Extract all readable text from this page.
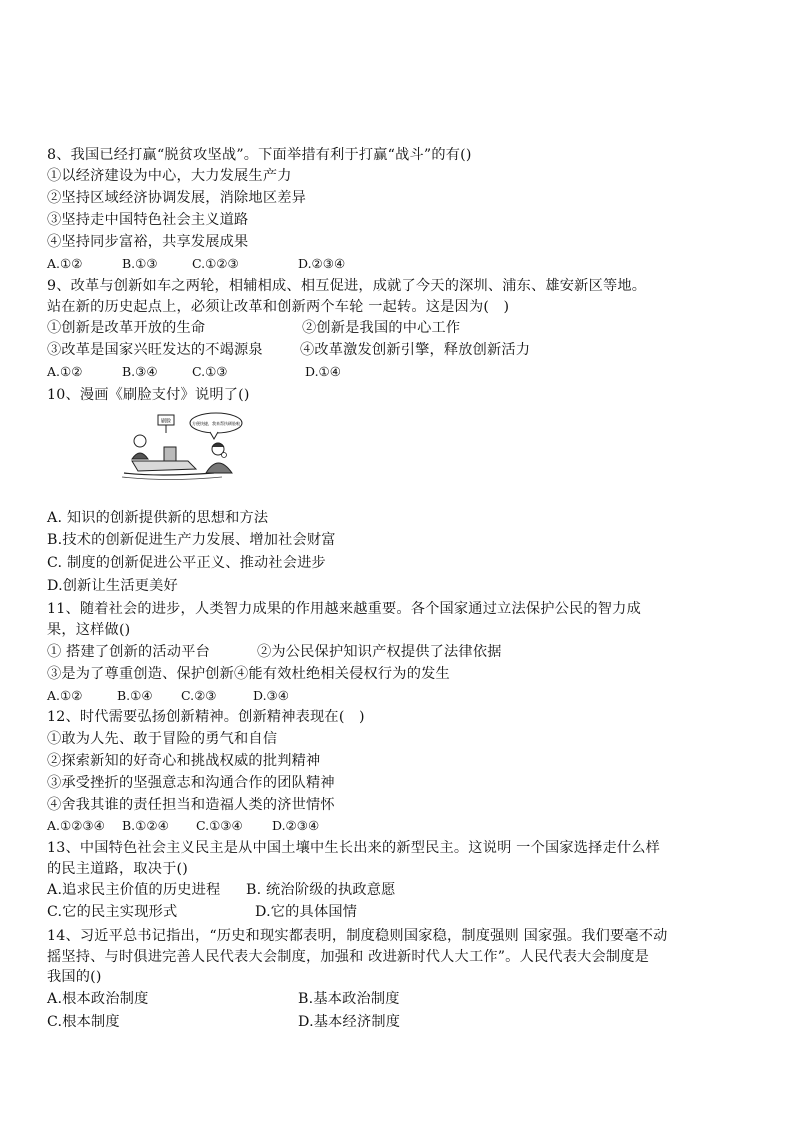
8、我国已经打赢“脱贫攻坚战”。下面举措有利于打赢“战斗”的有()
①以经济建设为中心，大力发展生产力
②坚持区域经济协调发展，消除地区差异
③坚持走中国特色社会主义道路
④坚持同步富裕，共享发展成果
A.①②	B.①③	C.①②③	D.②③④
9、改革与创新如车之两轮，相辅相成、相互促进，成就了今天的深圳、浦东、雄安新区等地。
站在新的历史起点上，必须让改革和创新两个车轮 一起转。这是因为(　)
①创新是改革开放的生命	②创新是我国的中心工作
③改革是国家兴旺发达的不竭源泉	④改革激发创新引擎，释放创新活力
A.①②	B.③④	C.①③	D.①④
10、漫画《刷脸支付》说明了()
刷脸	方便快捷，我来帮扶刷脸啦
A. 知识的创新提供新的思想和方法
B.技术的创新促进生产力发展、增加社会财富
C. 制度的创新促进公平正义、推动社会进步
D.创新让生活更美好
11、随着社会的进步，人类智力成果的作用越来越重要。各个国家通过立法保护公民的智力成
果，这样做()
① 搭建了创新的活动平台	②为公民保护知识产权提供了法律依据
③是为了尊重创造、保护创新④能有效杜绝相关侵权行为的发生
A.①②	B.①④ C.②③	D.③④
12、时代需要弘扬创新精神。创新精神表现在(　)
①敢为人先、敢于冒险的勇气和自信
②探索新知的好奇心和挑战权威的批判精神
③承受挫折的坚强意志和沟通合作的团队精神
④舍我其谁的责任担当和造福人类的济世情怀
A.①②③④ B.①②④ C.①③④ D.②③④
13、中国特色社会主义民主是从中国土壤中生长出来的新型民主。这说明 一个国家选择走什么样
的民主道路，取决于()
A.追求民主价值的历史进程 B. 统治阶级的执政意愿
C.它的民主实现形式	D.它的具体国情
14、习近平总书记指出，“历史和现实都表明，制度稳则国家稳，制度强则 国家强。我们要毫不动
摇坚持、与时俱进完善人民代表大会制度，加强和 改进新时代人大工作”。人民代表大会制度是
我国的()
A.根本政治制度	B.基本政治制度
C.根本制度	D.基本经济制度
